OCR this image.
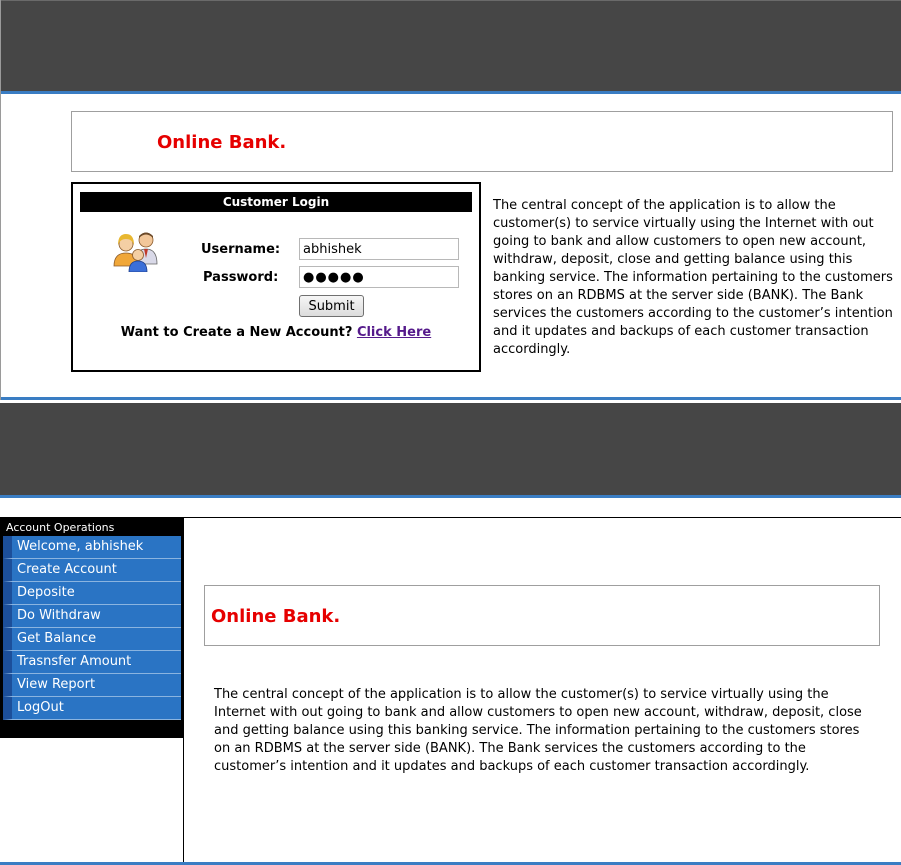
Online Bank.
Customer Login
Username:
abhishek
Password:
●●●●●
Submit
Want to Create a New Account? Click Here
The central concept of the application is to allow the customer(s) to service virtually using the Internet with out going to bank and allow customers to open new account, withdraw, deposit, close and getting balance using this banking service. The information pertaining to the customers stores on an RDBMS at the server side (BANK). The Bank services the customers according to the customer’s intention and it updates and backups of each customer transaction accordingly.
Account Operations
Welcome, abhishek
Create Account
Deposite
Do Withdraw
Get Balance
Trasnsfer Amount
View Report
LogOut
Online Bank.
The central concept of the application is to allow the customer(s) to service virtually using the Internet with out going to bank and allow customers to open new account, withdraw, deposit, close and getting balance using this banking service. The information pertaining to the customers stores on an RDBMS at the server side (BANK). The Bank services the customers according to the customer’s intention and it updates and backups of each customer transaction accordingly.
